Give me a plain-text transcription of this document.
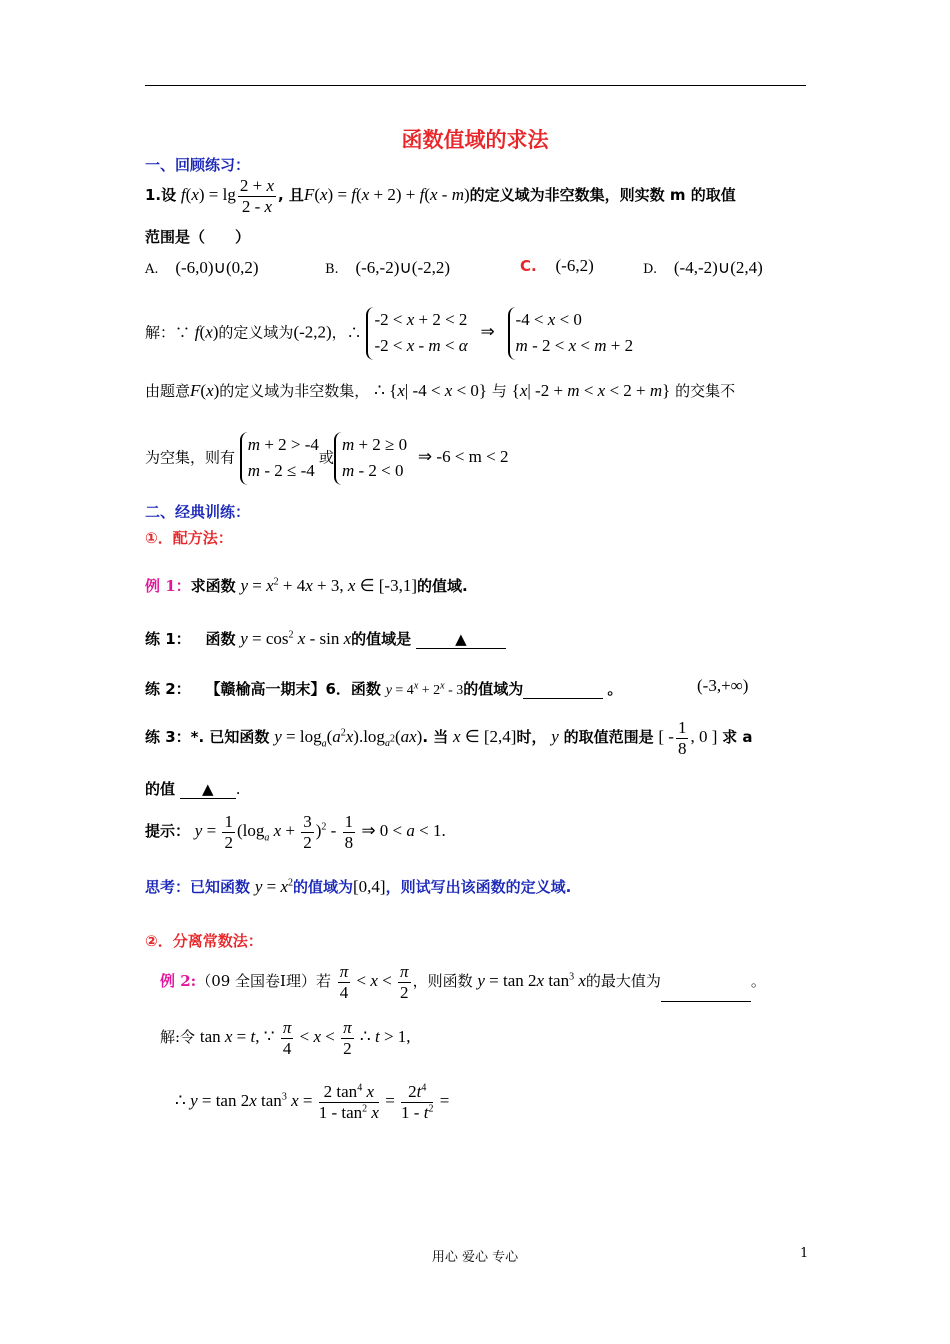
函数值域的求法
一、回顾练习：
1.设 $f(x) = \lg \frac{2 + x}{2 - x}$ , 且F(x) = f(x + 2) + f(x - m)的定义域为非空数集，则实数 m 的取值
范围是（　　）
A. (-6,0)∪(0,2)	B. (-6,-2)∪(-2,2)	C. (-6,2)	D. (-4,-2)∪(2,4)
解：∵ f(x)的定义域为(-2,2)，∴
-2 < x + 2 < 2
-2 < x - m < α
⇒
-4 < x < 0
m - 2 < x < m + 2
由题意F(x)的定义域为非空数集， ∴ {x| -4 < x < 0} 与 {x| -2 + m < x < 2 + m} 的交集不
为空集，则有
m + 2 > -4
m - 2 ≤ -4
或
m + 2 ≥ 0
m - 2 < 0
⇒ -6 < m < 2
二、经典训练：
①．配方法：
例 1：求函数 $y = x^2 + 4x + 3$, x ∈ [-3,1]的值域.
练 1： 函数 $y = \cos^2 x - \sin x$的值域是	▲
练 2： 【赣榆高一期末】6．函数 $y = 4^x + 2^x - 3$的值域为	。	(-3,+∞)
练 3：*. 已知函数 $y = \log_a(a^2x).\log_{a^2}(ax)$. 当 x ∈ [2,4]时， y 的取值范围是 [ - $\frac{1}{8}$ , 0 ] 求 a
的值 ▲ .
提示： $y = \frac{1}{2} (\log_a$ $x + \frac{3}{2} )^2 - \frac{1}{8}$ ⇒ 0 < a < 1.
思考：已知函数 $y = x^2$的值域为[0,4]，则试写出该函数的定义域.
②．分离常数法：
例 2:（09 全国卷Ⅰ理）若 $\frac{\pi}{4} < x < \frac{\pi}{2}$ ，则函数 y = tan 2x $\tan^3 x$的最大值为	。
解:令 tan x = t, ∵ $\frac{\pi}{4} < x < \frac{\pi}{2}$ ∴ t > 1,
∴ y = tan 2x $\tan^3 x = \frac{2 \tan^4 x}{1 - \tan^2 x} = \frac{2t^4}{1 - t^2}$ =
用心 爱心 专心	1
